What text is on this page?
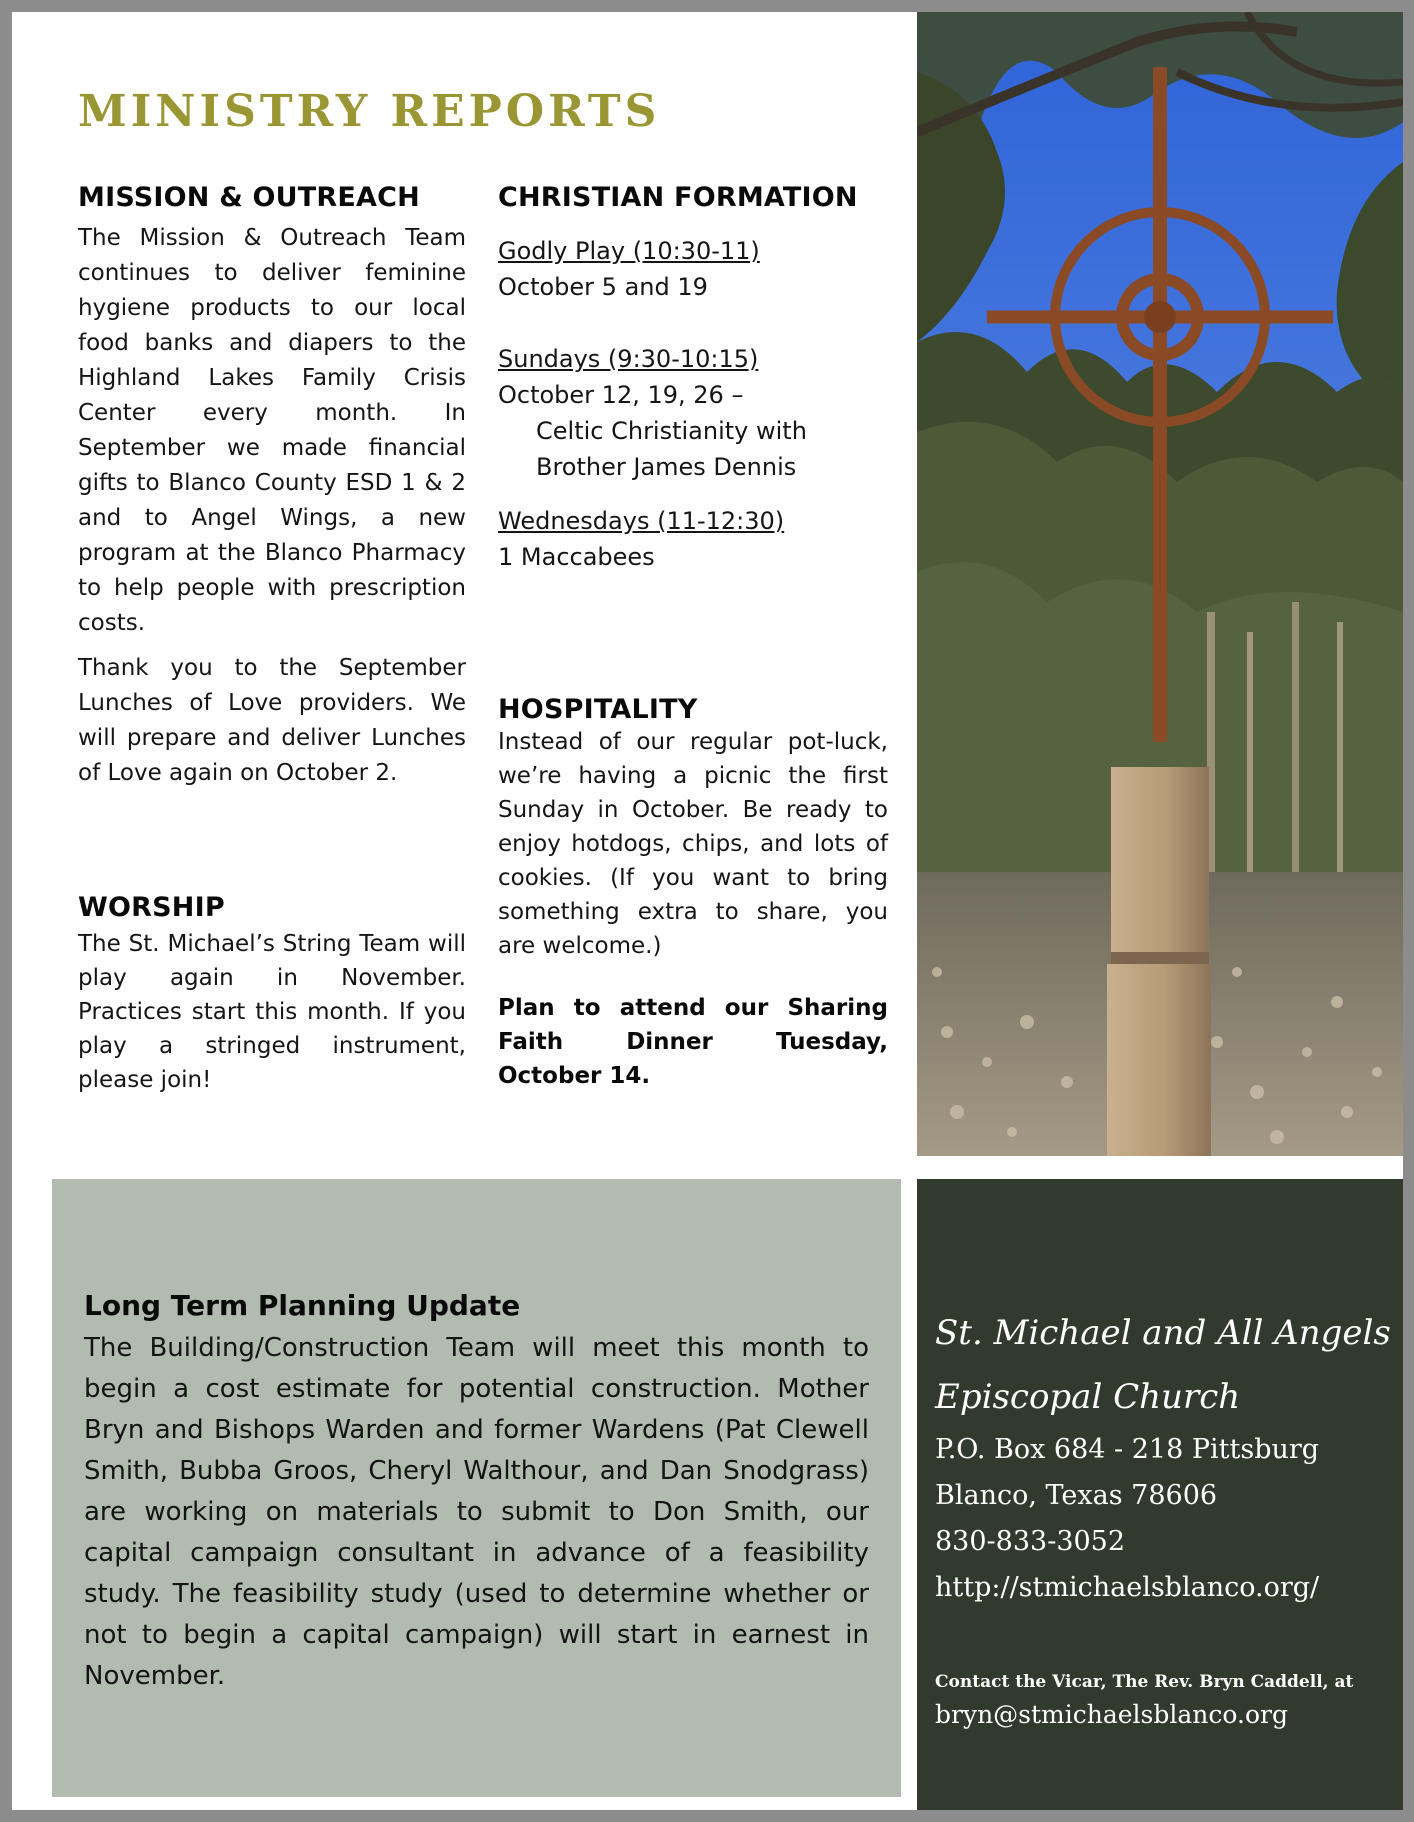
MINISTRY REPORTS
MISSION & OUTREACH

The Mission & Outreach Team continues to deliver feminine hygiene products to our local food banks and diapers to the Highland Lakes Family Crisis Center every month. In September we made financial gifts to Blanco County ESD 1 & 2 and to Angel Wings, a new program at the Blanco Pharmacy to help people with prescription costs.

Thank you to the September Lunches of Love providers. We will prepare and deliver Lunches of Love again on October 2.

WORSHIP

The St. Michael’s String Team will play again in November. Practices start this month. If you play a stringed instrument, please join!

CHRISTIAN FORMATION

Godly Play (10:30-11)

October 5 and 19

Sundays (9:30-10:15)

October 12, 19, 26 –

Celtic Christianity with

Brother James Dennis

Wednesdays (11-12:30)

1 Maccabees

HOSPITALITY

Instead of our regular pot-luck, we’re having a picnic the first Sunday in October. Be ready to enjoy hotdogs, chips, and lots of cookies. (If you want to bring something extra to share, you are welcome.)

Plan to attend our Sharing Faith Dinner Tuesday, October 14.

Long Term Planning Update

The Building/Construction Team will meet this month to begin a cost estimate for potential construction. Mother Bryn and Bishops Warden and former Wardens (Pat Clewell Smith, Bubba Groos, Cheryl Walthour, and Dan Snodgrass) are working on materials to submit to Don Smith, our capital campaign consultant in advance of a feasibility study. The feasibility study (used to determine whether or not to begin a capital campaign) will start in earnest in November.

St. Michael and All Angels
Episcopal Church
P.O. Box 684 - 218 Pittsburg
Blanco, Texas 78606
830-833-3052
http://stmichaelsblanco.org/
Contact the Vicar, The Rev. Bryn Caddell, at
bryn@stmichaelsblanco.org
